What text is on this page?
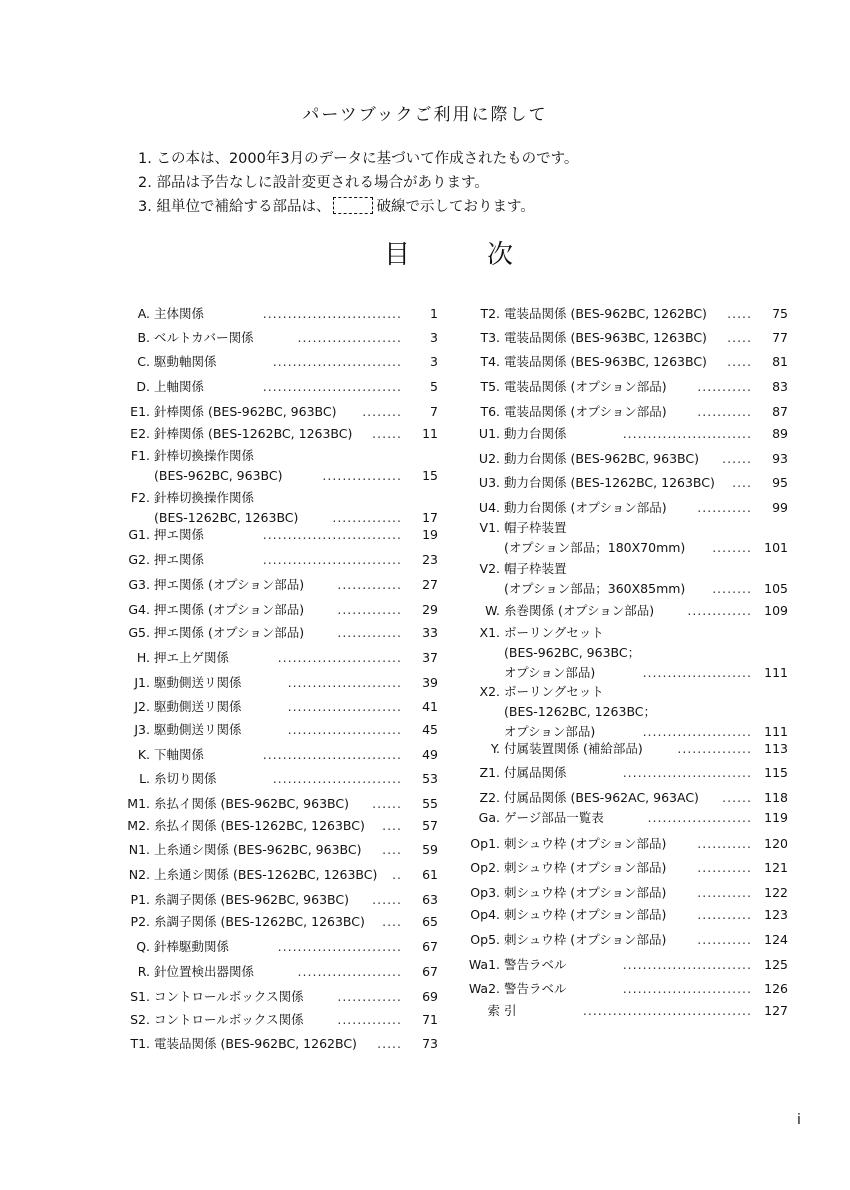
パーツブックご利用に際して
1. この本は、2000年3月のデータに基づいて作成されたものです。
2. 部品は予告なしに設計変更される場合があります。
3. 組単位で補給する部品は、	破線で示しております。
目	次
A. 主体関係	............................ 1
B. ベルトカバー関係	..................... 3
C. 駆動軸関係	.......................... 3
D. 上軸関係	............................ 5
E1. 針棒関係 (BES-962BC, 963BC) ........ 7
E2. 針棒関係 (BES-1262BC, 1263BC) ...... 11
F1. 針棒切換操作関係
(BES-962BC, 963BC)	................ 15
F2. 針棒切換操作関係
(BES-1262BC, 1263BC)	.............. 17
G1. 押エ関係	............................ 19
G2. 押エ関係	............................ 23
G3. 押エ関係 (オプション部品)	............. 27
G4. 押エ関係 (オプション部品)	............. 29
G5. 押エ関係 (オプション部品)	............. 33
H. 押エ上ゲ関係	......................... 37
J1. 駆動側送リ関係	....................... 39
J2. 駆動側送リ関係	....................... 41
J3. 駆動側送リ関係	....................... 45
K. 下軸関係	............................ 49
L. 糸切り関係	.......................... 53
M1. 糸払イ関係 (BES-962BC, 963BC) ...... 55
M2. 糸払イ関係 (BES-1262BC, 1263BC) .... 57
N1. 上糸通シ関係 (BES-962BC, 963BC) .... 59
N2. 上糸通シ関係 (BES-1262BC, 1263BC) .. 61
P1. 糸調子関係 (BES-962BC, 963BC) ...... 63
P2. 糸調子関係 (BES-1262BC, 1263BC) .... 65
Q. 針棒駆動関係	......................... 67
R. 針位置検出器関係	..................... 67
S1. コントロールボックス関係	............. 69
S2. コントロールボックス関係	............. 71
T1. 電装品関係 (BES-962BC, 1262BC) ..... 73
T2. 電装品関係 (BES-962BC, 1262BC) ..... 75
T3. 電装品関係 (BES-963BC, 1263BC) ..... 77
T4. 電装品関係 (BES-963BC, 1263BC) ..... 81
T5. 電装品関係 (オプション部品) ........... 83
T6. 電装品関係 (オプション部品) ........... 87
U1. 動力台関係	.......................... 89
U2. 動力台関係 (BES-962BC, 963BC) ...... 93
U3. 動力台関係 (BES-1262BC, 1263BC) .... 95
U4. 動力台関係 (オプション部品) ........... 99
V1. 帽子枠装置
(オプション部品；180X70mm) ........ 101
V2. 帽子枠装置
(オプション部品；360X85mm) ........ 105
W. 糸巻関係 (オプション部品)	............. 109
X1. ボーリングセット
(BES-962BC, 963BC；
オプション部品)	...................... 111
X2. ボーリングセット
(BES-1262BC, 1263BC；
オプション部品)	...................... 111
Y. 付属装置関係 (補給部品)	............... 113
Z1. 付属品関係	.......................... 115
Z2. 付属品関係 (BES-962AC, 963AC) ...... 118
Ga. ゲージ部品一覧表	..................... 119
Op1. 刺シュウ枠 (オプション部品) ........... 120
Op2. 刺シュウ枠 (オプション部品) ........... 121
Op3. 刺シュウ枠 (オプション部品) ........... 122
Op4. 刺シュウ枠 (オプション部品) ........... 123
Op5. 刺シュウ枠 (オプション部品) ........... 124
Wa1. 警告ラベル	.......................... 125
Wa2. 警告ラベル	.......................... 126
索 引	.................................. 127
i
